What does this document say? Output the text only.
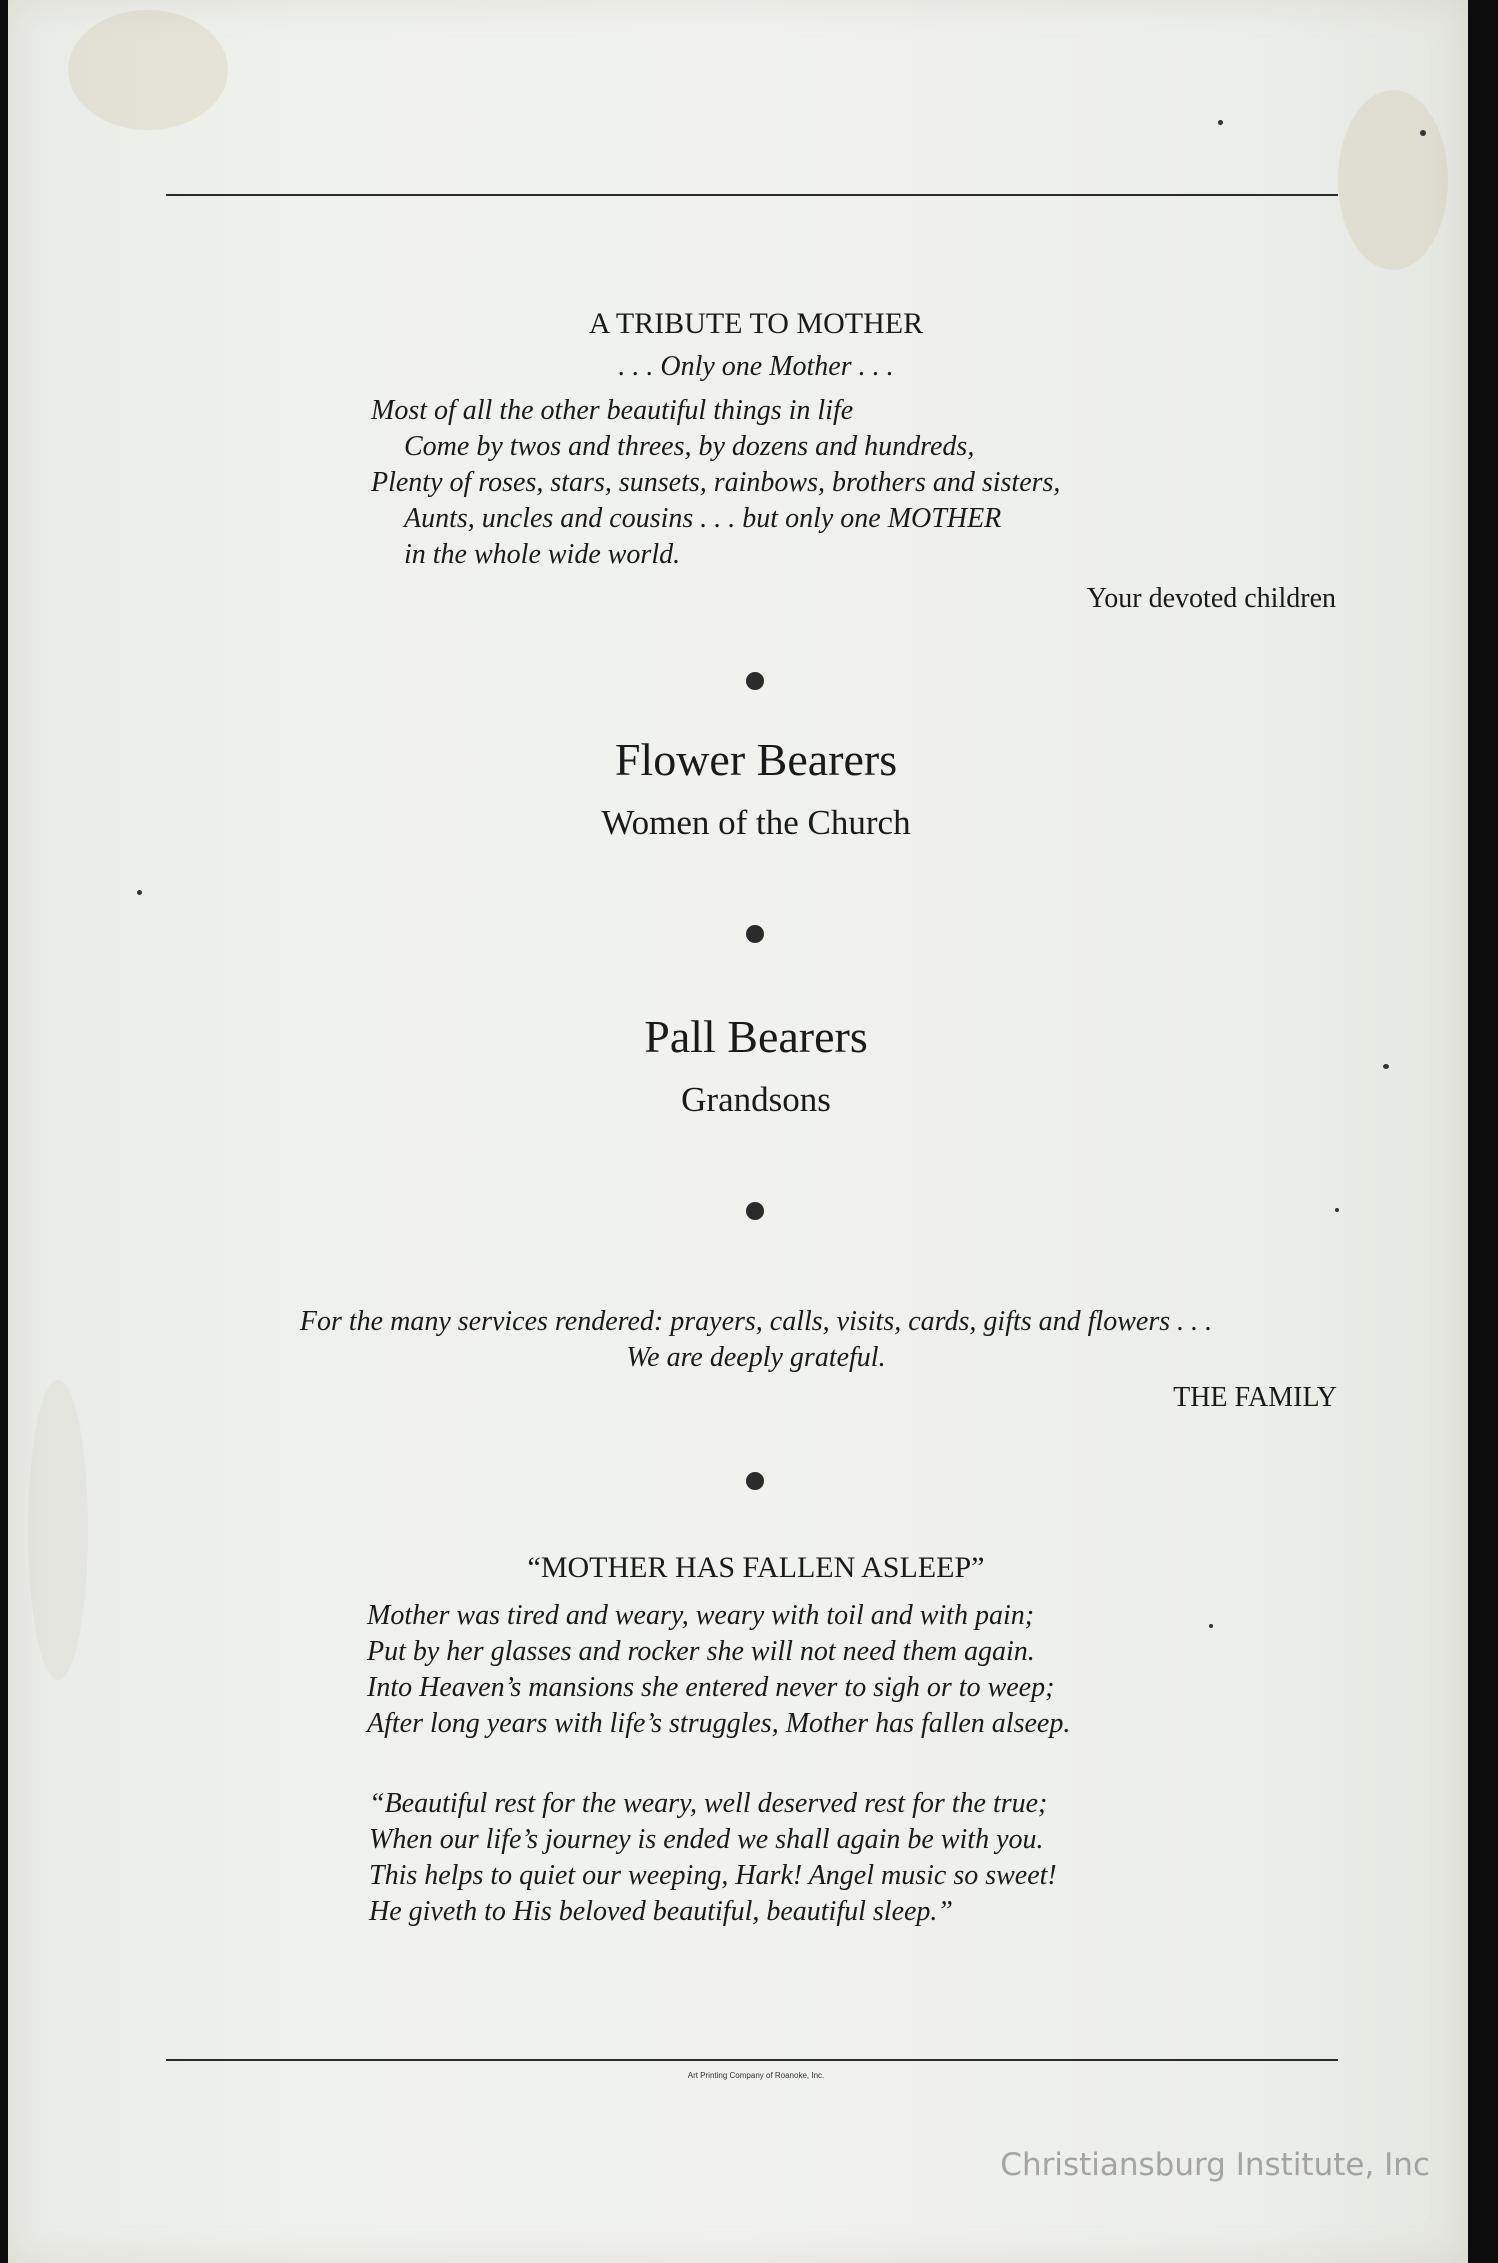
A TRIBUTE TO MOTHER
. . . Only one Mother . . .
Most of all the other beautiful things in life
Come by twos and threes, by dozens and hundreds,
Plenty of roses, stars, sunsets, rainbows, brothers and sisters,
Aunts, uncles and cousins . . . but only one MOTHER
in the whole wide world.
Your devoted children
Flower Bearers
Women of the Church
Pall Bearers
Grandsons
For the many services rendered: prayers, calls, visits, cards, gifts and flowers . . .
We are deeply grateful.
THE FAMILY
“MOTHER HAS FALLEN ASLEEP”
Mother was tired and weary, weary with toil and with pain;
Put by her glasses and rocker she will not need them again.
Into Heaven’s mansions she entered never to sigh or to weep;
After long years with life’s struggles, Mother has fallen alseep.
“Beautiful rest for the weary, well deserved rest for the true;
When our life’s journey is ended we shall again be with you.
This helps to quiet our weeping, Hark! Angel music so sweet!
He giveth to His beloved beautiful, beautiful sleep.”
Art Printing Company of Roanoke, Inc.
Christiansburg Institute, Inc
